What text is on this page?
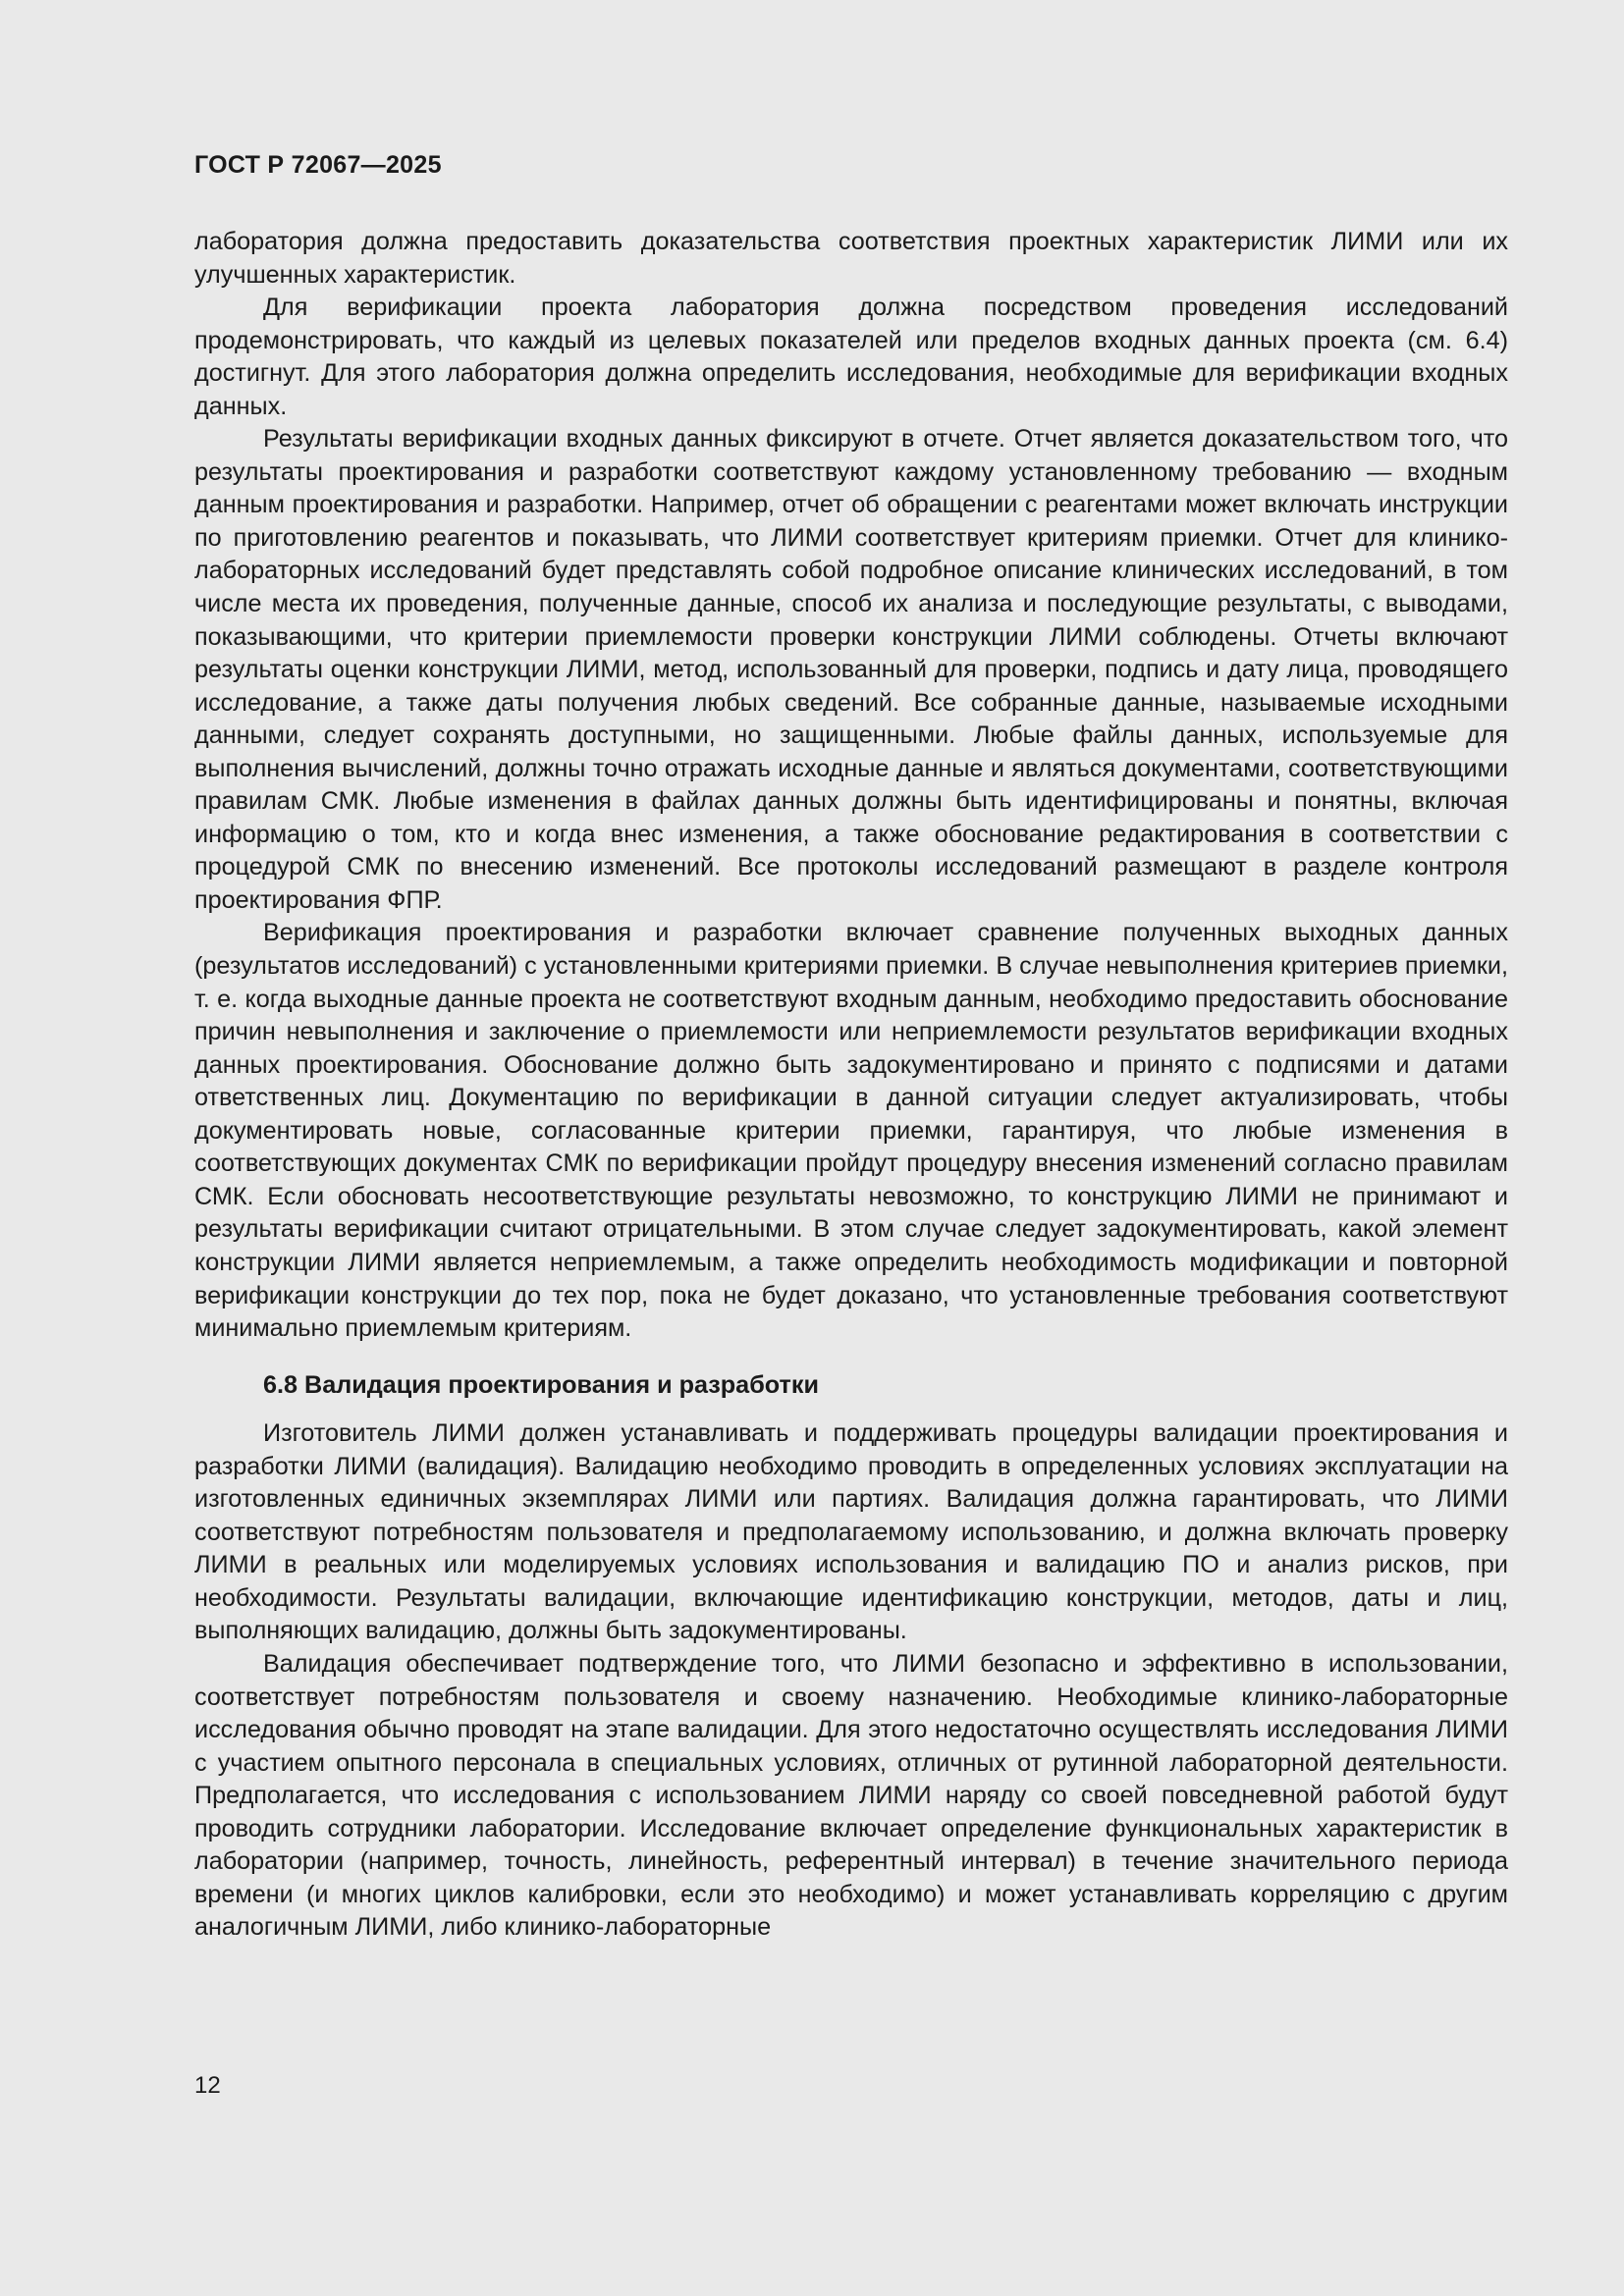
ГОСТ Р 72067—2025

лаборатория должна предоставить доказательства соответствия проектных характеристик ЛИМИ или их улучшенных характеристик.

Для верификации проекта лаборатория должна посредством проведения исследований продемонстрировать, что каждый из целевых показателей или пределов входных данных проекта (см. 6.4) достигнут. Для этого лаборатория должна определить исследования, необходимые для верификации входных данных.

Результаты верификации входных данных фиксируют в отчете. Отчет является доказательством того, что результаты проектирования и разработки соответствуют каждому установленному требованию — входным данным проектирования и разработки. Например, отчет об обращении с реагентами может включать инструкции по приготовлению реагентов и показывать, что ЛИМИ соответствует критериям приемки. Отчет для клинико-лабораторных исследований будет представлять собой подробное описание клинических исследований, в том числе места их проведения, полученные данные, способ их анализа и последующие результаты, с выводами, показывающими, что критерии приемлемости проверки конструкции ЛИМИ соблюдены. Отчеты включают результаты оценки конструкции ЛИМИ, метод, использованный для проверки, подпись и дату лица, проводящего исследование, а также даты получения любых сведений. Все собранные данные, называемые исходными данными, следует сохранять доступными, но защищенными. Любые файлы данных, используемые для выполнения вычислений, должны точно отражать исходные данные и являться документами, соответствующими правилам СМК. Любые изменения в файлах данных должны быть идентифицированы и понятны, включая информацию о том, кто и когда внес изменения, а также обоснование редактирования в соответствии с процедурой СМК по внесению изменений. Все протоколы исследований размещают в разделе контроля проектирования ФПР.

Верификация проектирования и разработки включает сравнение полученных выходных данных (результатов исследований) с установленными критериями приемки. В случае невыполнения критериев приемки, т. е. когда выходные данные проекта не соответствуют входным данным, необходимо предоставить обоснование причин невыполнения и заключение о приемлемости или неприемлемости результатов верификации входных данных проектирования. Обоснование должно быть задокументировано и принято с подписями и датами ответственных лиц. Документацию по верификации в данной ситуации следует актуализировать, чтобы документировать новые, согласованные критерии приемки, гарантируя, что любые изменения в соответствующих документах СМК по верификации пройдут процедуру внесения изменений согласно правилам СМК. Если обосновать несоответствующие результаты невозможно, то конструкцию ЛИМИ не принимают и результаты верификации считают отрицательными. В этом случае следует задокументировать, какой элемент конструкции ЛИМИ является неприемлемым, а также определить необходимость модификации и повторной верификации конструкции до тех пор, пока не будет доказано, что установленные требования соответствуют минимально приемлемым критериям.

6.8 Валидация проектирования и разработки

Изготовитель ЛИМИ должен устанавливать и поддерживать процедуры валидации проектирования и разработки ЛИМИ (валидация). Валидацию необходимо проводить в определенных условиях эксплуатации на изготовленных единичных экземплярах ЛИМИ или партиях. Валидация должна гарантировать, что ЛИМИ соответствуют потребностям пользователя и предполагаемому использованию, и должна включать проверку ЛИМИ в реальных или моделируемых условиях использования и валидацию ПО и анализ рисков, при необходимости. Результаты валидации, включающие идентификацию конструкции, методов, даты и лиц, выполняющих валидацию, должны быть задокументированы.

Валидация обеспечивает подтверждение того, что ЛИМИ безопасно и эффективно в использовании, соответствует потребностям пользователя и своему назначению. Необходимые клинико-лабораторные исследования обычно проводят на этапе валидации. Для этого недостаточно осуществлять исследования ЛИМИ с участием опытного персонала в специальных условиях, отличных от рутинной лабораторной деятельности. Предполагается, что исследования с использованием ЛИМИ наряду со своей повседневной работой будут проводить сотрудники лаборатории. Исследование включает определение функциональных характеристик в лаборатории (например, точность, линейность, референтный интервал) в течение значительного периода времени (и многих циклов калибровки, если это необходимо) и может устанавливать корреляцию с другим аналогичным ЛИМИ, либо клинико-лабораторные

12
